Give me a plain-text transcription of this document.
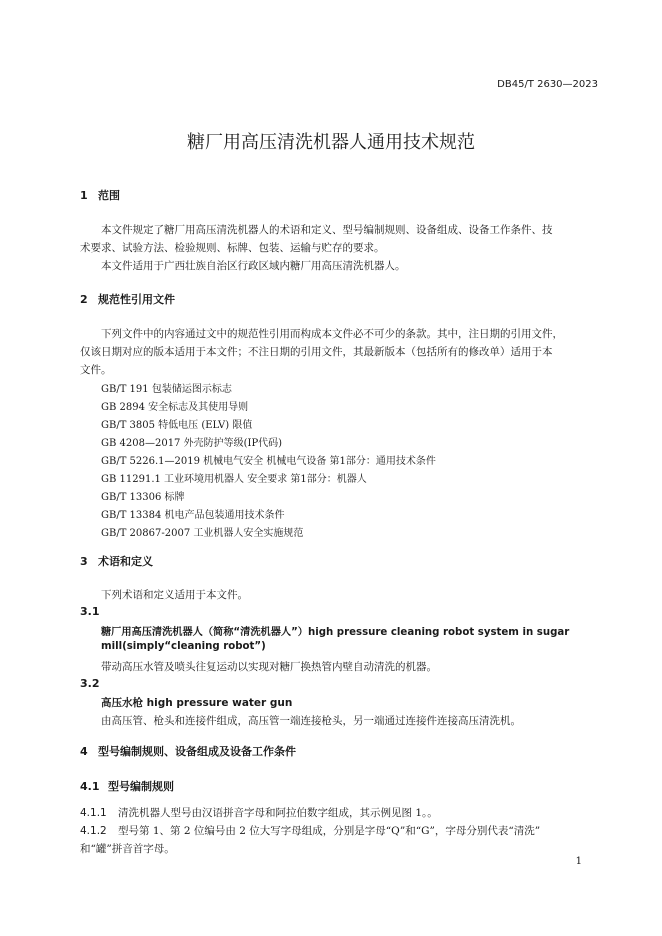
DB45/T 2630—2023
糖厂用高压清洗机器人通用技术规范
1 范围
本文件规定了糖厂用高压清洗机器人的术语和定义、型号编制规则、设备组成、设备工作条件、技
术要求、试验方法、检验规则、标牌、包装、运输与贮存的要求。
本文件适用于广西壮族自治区行政区域内糖厂用高压清洗机器人。
2 规范性引用文件
下列文件中的内容通过文中的规范性引用而构成本文件必不可少的条款。其中，注日期的引用文件，
仅该日期对应的版本适用于本文件；不注日期的引用文件，其最新版本（包括所有的修改单）适用于本
文件。
GB/T 191 包装储运图示标志
GB 2894 安全标志及其使用导则
GB/T 3805 特低电压 (ELV) 限值
GB 4208—2017 外壳防护等级(IP代码)
GB/T 5226.1—2019 机械电气安全 机械电气设备 第1部分：通用技术条件
GB 11291.1 工业环境用机器人 安全要求 第1部分：机器人
GB/T 13306 标牌
GB/T 13384 机电产品包装通用技术条件
GB/T 20867-2007 工业机器人安全实施规范
3 术语和定义
下列术语和定义适用于本文件。
3.1
糖厂用高压清洗机器人（简称“清洗机器人”）high pressure cleaning robot system in sugar
mill(simply“cleaning robot”)
带动高压水管及喷头往复运动以实现对糖厂换热管内壁自动清洗的机器。
3.2
高压水枪 high pressure water gun
由高压管、枪头和连接件组成，高压管一端连接枪头，另一端通过连接件连接高压清洗机。
4 型号编制规则、设备组成及设备工作条件
4.1 型号编制规则
4.1.1 清洗机器人型号由汉语拼音字母和阿拉伯数字组成，其示例见图 1。。
4.1.2 型号第 1、第 2 位编号由 2 位大写字母组成，分别是字母“Q”和“G”，字母分别代表“清洗”
和“罐”拼音首字母。
1
